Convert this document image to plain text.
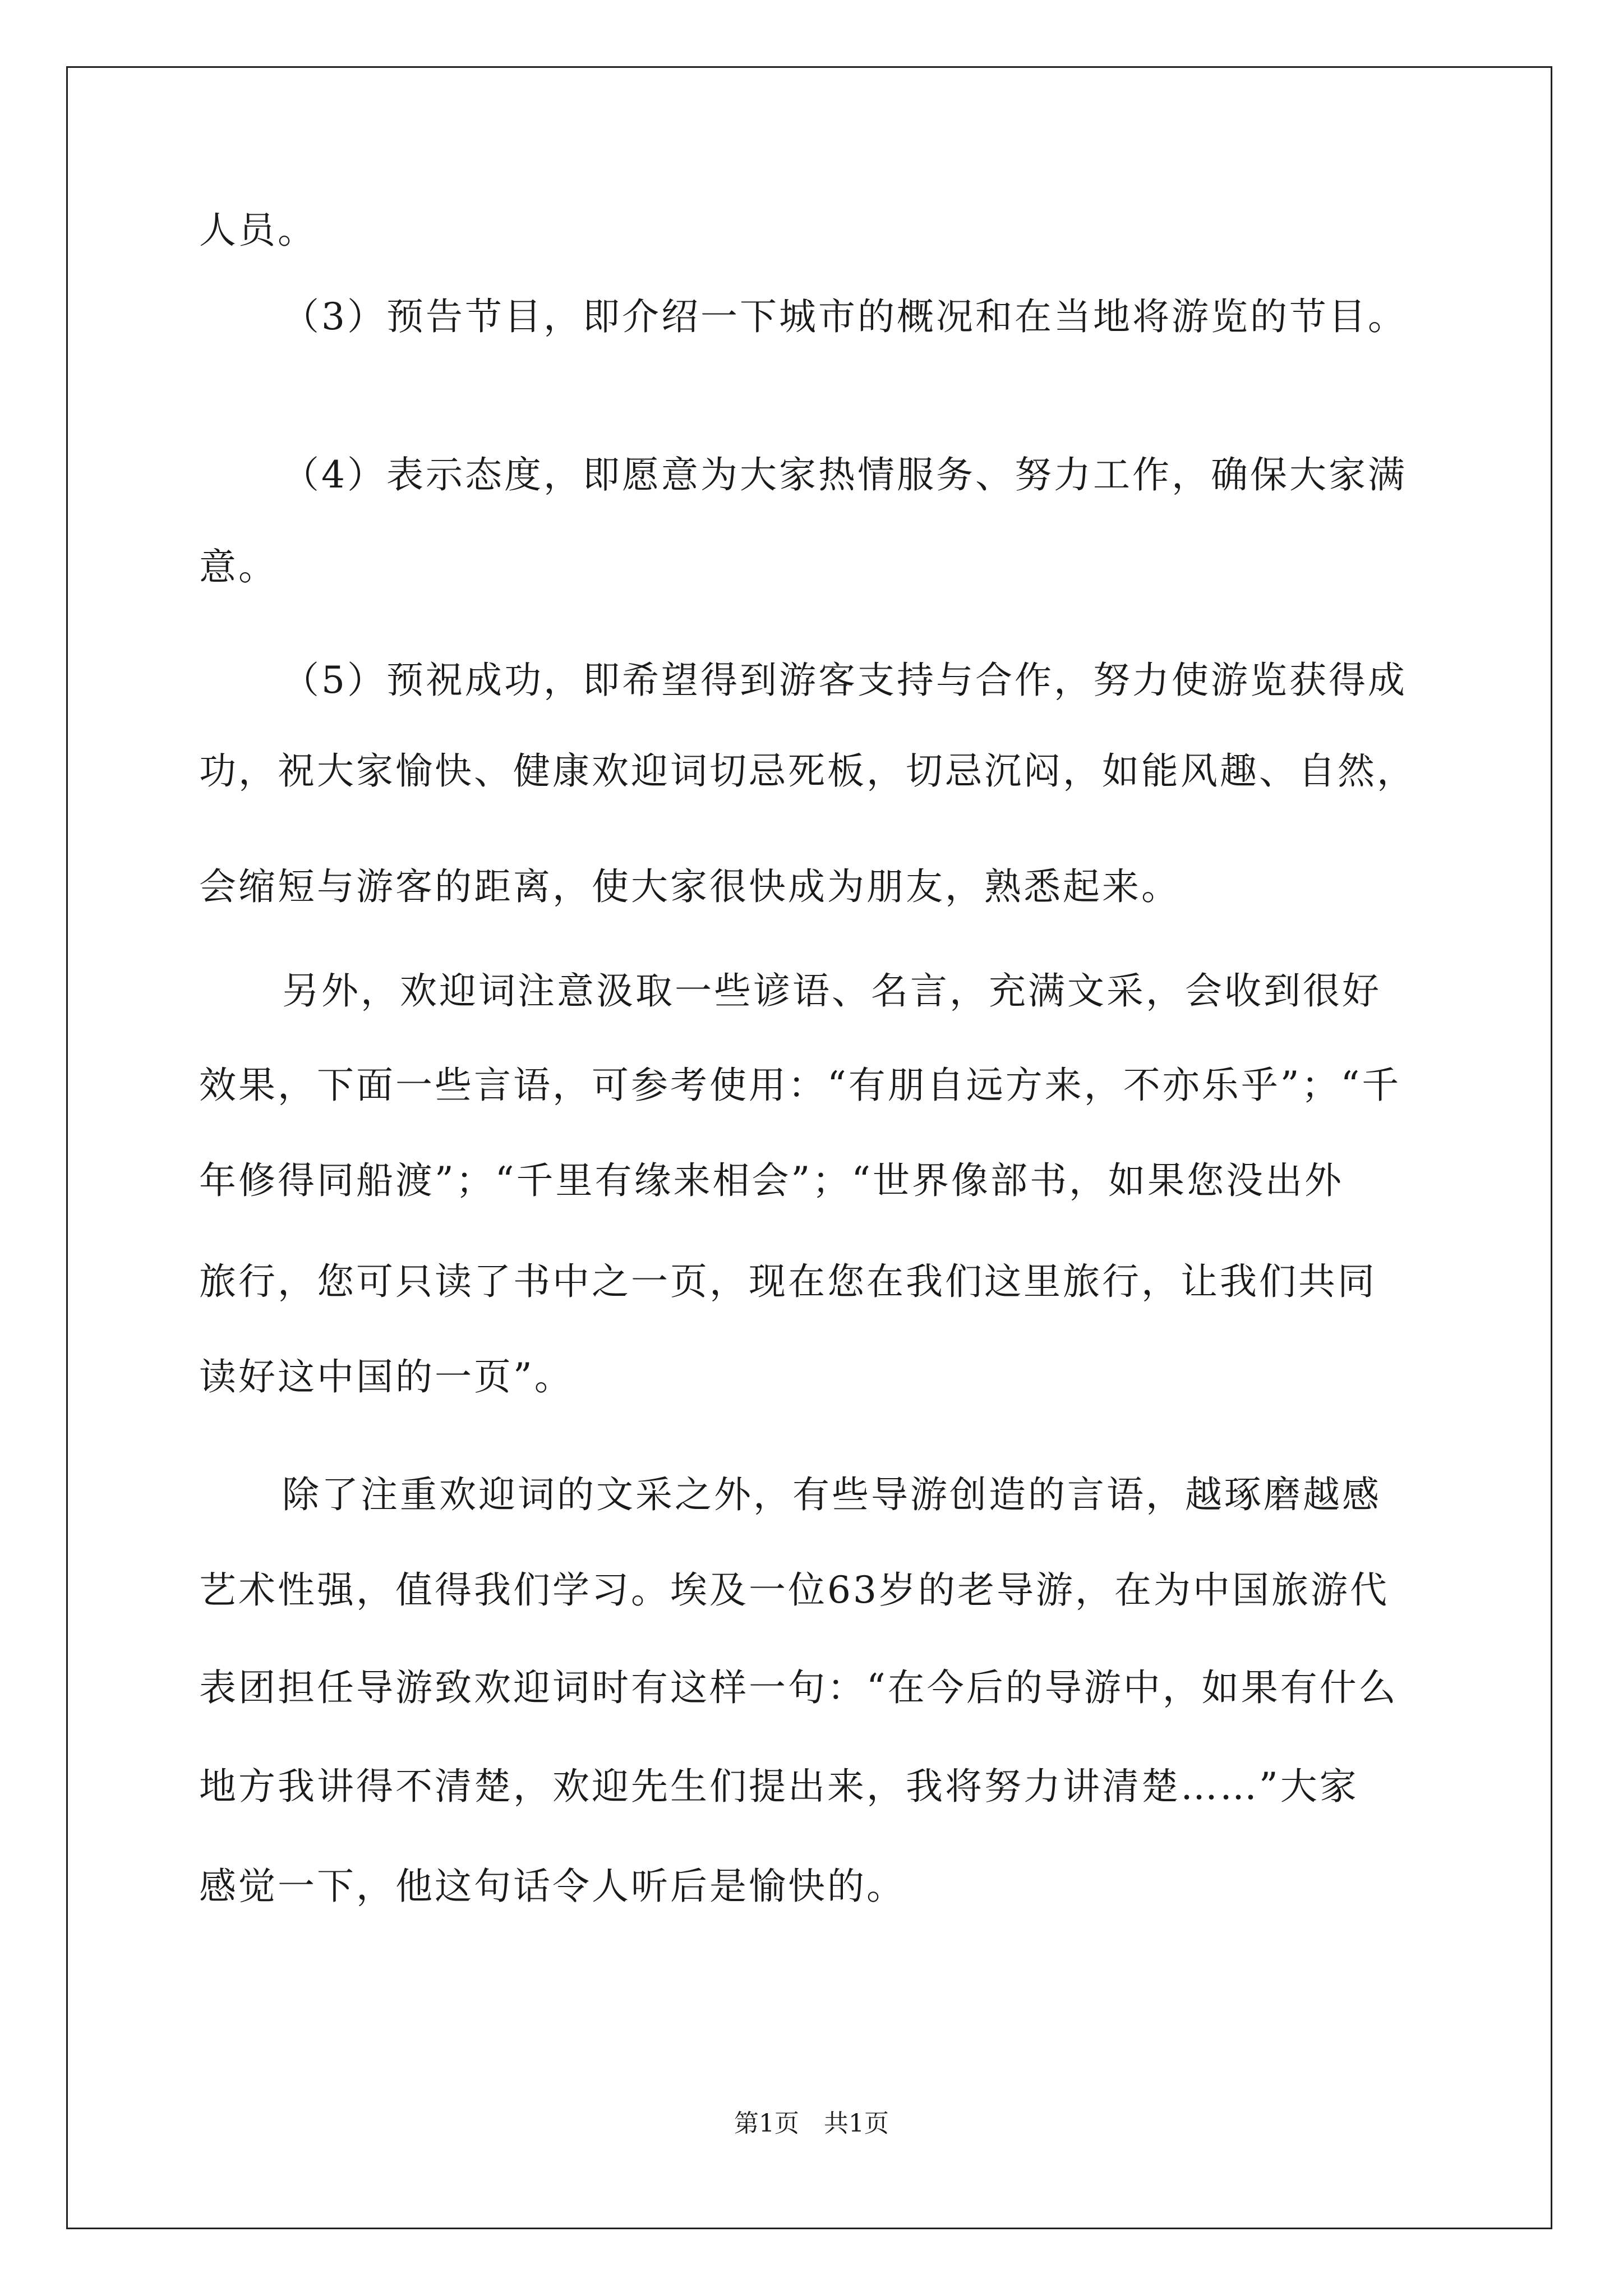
人员。
（3）预告节目，即介绍一下城市的概况和在当地将游览的节目。
（4）表示态度，即愿意为大家热情服务、努力工作，确保大家满
意。
（5）预祝成功，即希望得到游客支持与合作，努力使游览获得成
功，祝大家愉快、健康欢迎词切忌死板，切忌沉闷，如能风趣、自然，
会缩短与游客的距离，使大家很快成为朋友，熟悉起来。
另外，欢迎词注意汲取一些谚语、名言，充满文采，会收到很好
效果，下面一些言语，可参考使用：“有朋自远方来，不亦乐乎”；“千
年修得同船渡”；“千里有缘来相会”；“世界像部书，如果您没出外
旅行，您可只读了书中之一页，现在您在我们这里旅行，让我们共同
读好这中国的一页”。
除了注重欢迎词的文采之外，有些导游创造的言语，越琢磨越感
艺术性强，值得我们学习。埃及一位63岁的老导游，在为中国旅游代
表团担任导游致欢迎词时有这样一句：“在今后的导游中，如果有什么
地方我讲得不清楚，欢迎先生们提出来，我将努力讲清楚……”大家
感觉一下，他这句话令人听后是愉快的。
第1页　共1页
